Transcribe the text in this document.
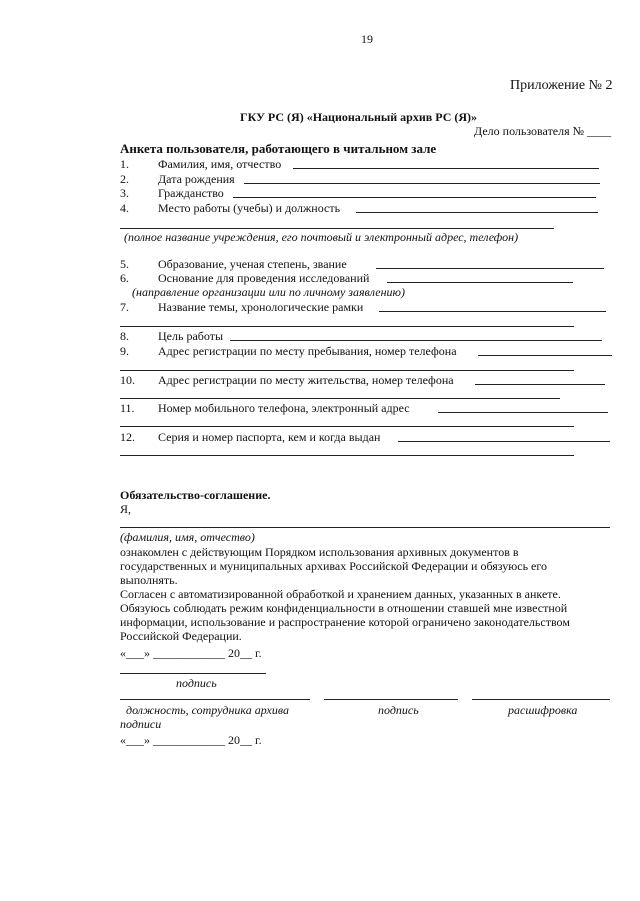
19
Приложение № 2
ГКУ РС (Я) «Национальный архив РС (Я)»
Дело пользователя № ____
Анкета пользователя, работающего в читальном зале
1. Фамилия, имя, отчество
2. Дата рождения
3. Гражданство
4. Место работы (учебы) и должность
(полное название учреждения, его почтовый и электронный адрес, телефон)
5. Образование, ученая степень, звание
6. Основание для проведения исследований
(направление организации или по личному заявлению)
7. Название темы, хронологические рамки
8. Цель работы
9. Адрес регистрации по месту пребывания, номер телефона
10. Адрес регистрации по месту жительства, номер телефона
11. Номер мобильного телефона, электронный адрес
12. Серия и номер паспорта, кем и когда выдан
Обязательство-соглашение.
Я,
(фамилия, имя, отчество)
ознакомлен с действующим Порядком использования архивных документов в
государственных и муниципальных архивах Российской Федерации и обязуюсь его
выполнять.
Согласен с автоматизированной обработкой и хранением данных, указанных в анкете.
Обязуюсь соблюдать режим конфиденциальности в отношении ставшей мне известной
информации, использование и распространение которой ограничено законодательством
Российской Федерации.
«___» ____________ 20__ г.
подпись
должность, сотрудника архива
подписи
подпись	расшифровка
«___» ____________ 20__ г.
